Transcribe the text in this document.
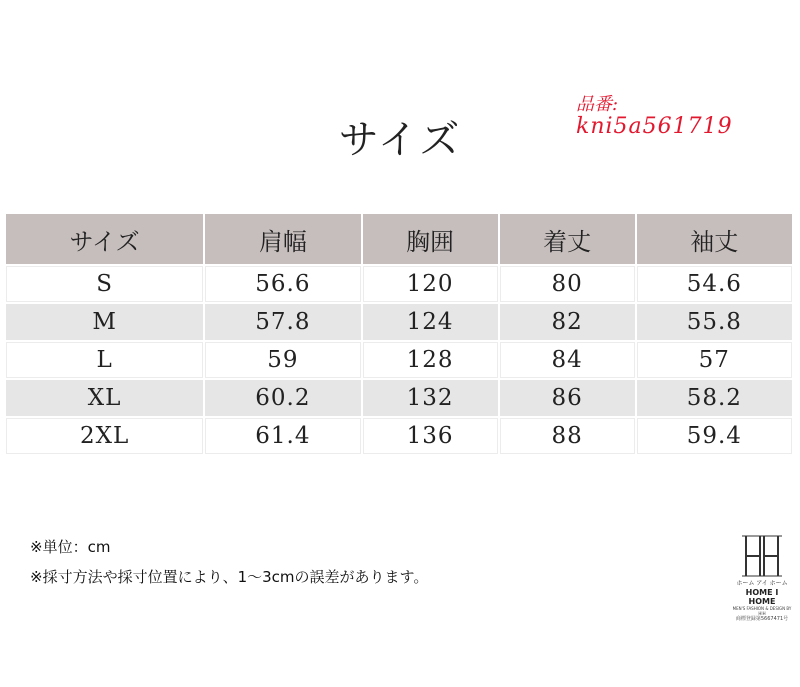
サイズ
品番:
kni5a561719
サイズ	肩幅	胸囲	着丈	袖丈
S	56.6	120	80	54.6
M	57.8	124	82	55.8
L	59	128	84	57
XL	60.2	132	86	58.2
2XL	61.4	136	88	59.4
※単位：cm
※採寸方法や採寸位置により、1～3cmの誤差があります。	ホーム アイ ホーム
HOME I HOME
MEN'S FASHION & DESIGN BY HIH
商標登録第5667471号
